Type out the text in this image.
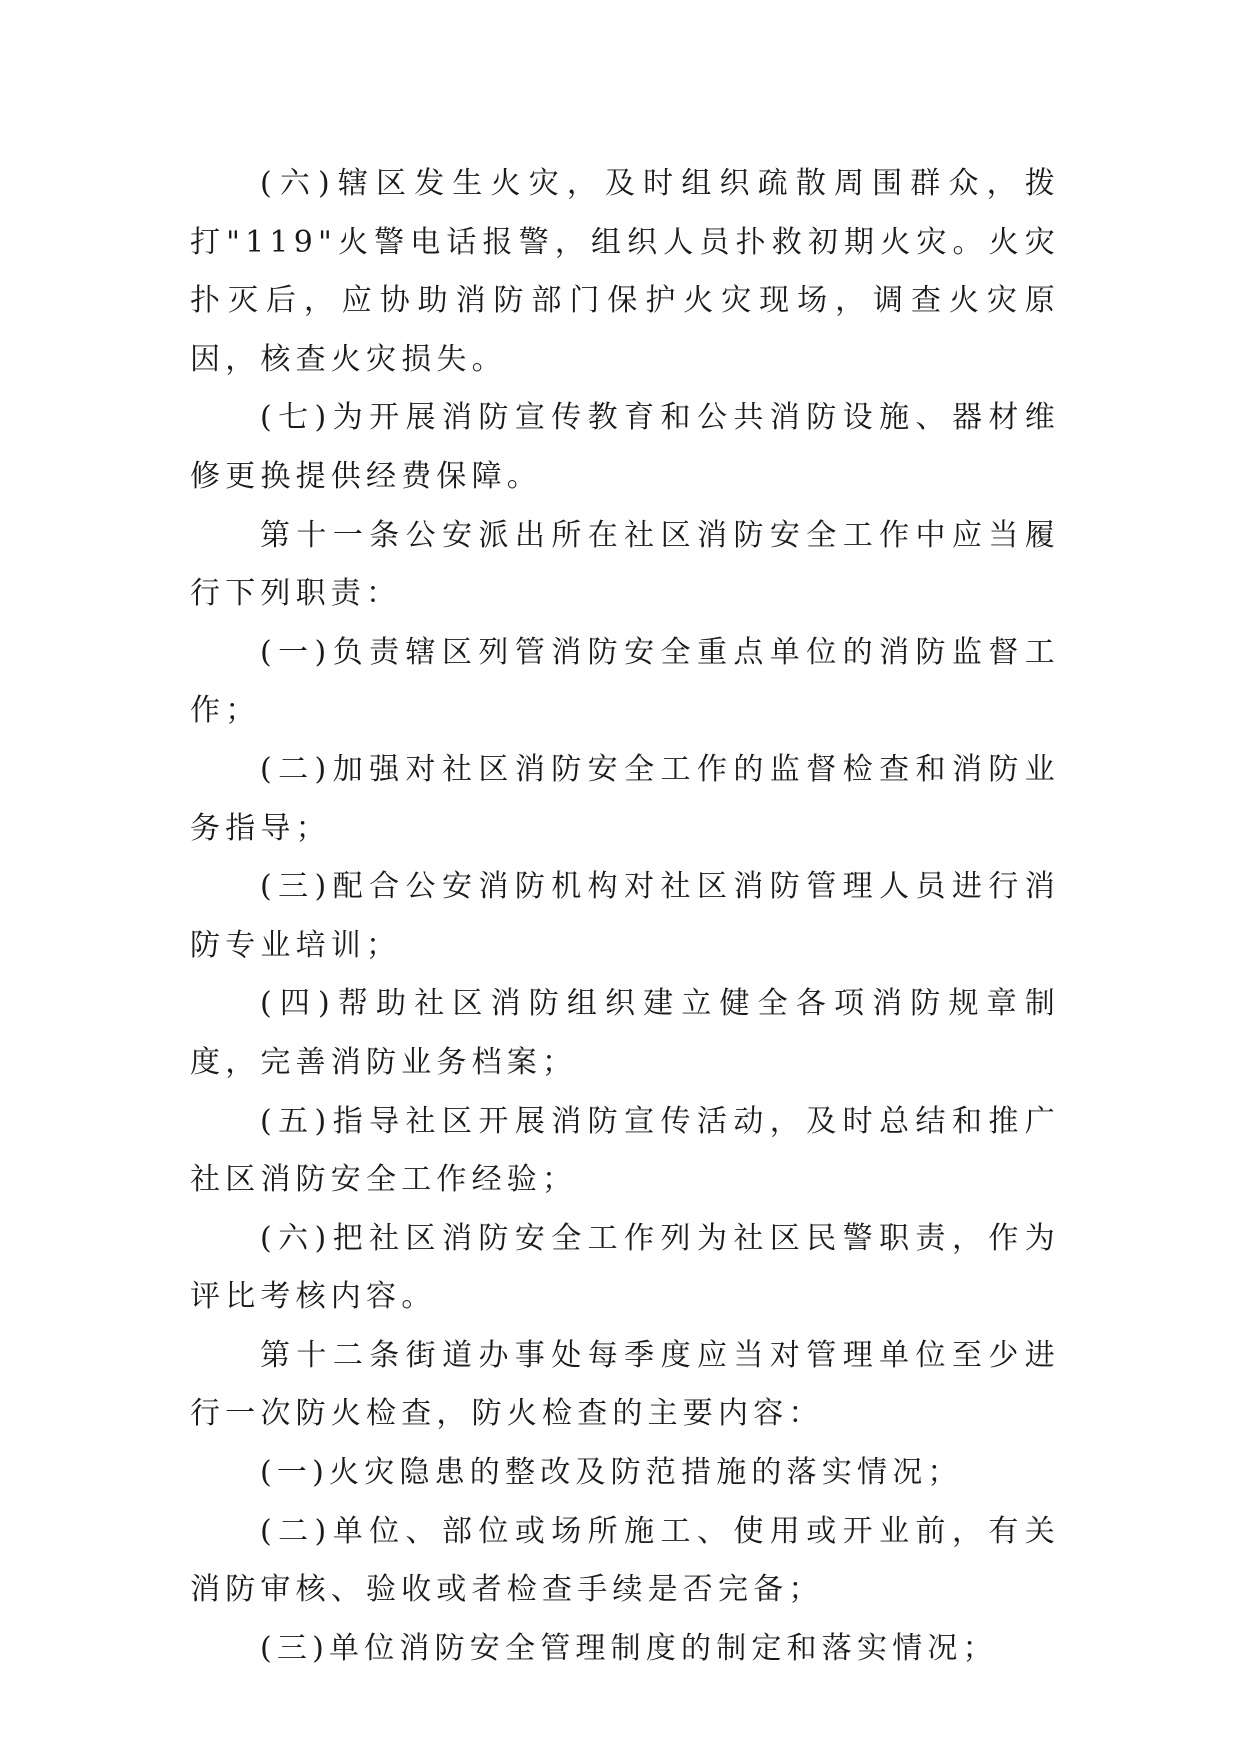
(六)辖区发生火灾，及时组织疏散周围群众，拨打"119"火警电话报警，组织人员扑救初期火灾。火灾扑灭后，应协助消防部门保护火灾现场，调查火灾原因，核查火灾损失。

(七)为开展消防宣传教育和公共消防设施、器材维修更换提供经费保障。

第十一条公安派出所在社区消防安全工作中应当履行下列职责：

(一)负责辖区列管消防安全重点单位的消防监督工作；

(二)加强对社区消防安全工作的监督检查和消防业务指导；

(三)配合公安消防机构对社区消防管理人员进行消防专业培训；

(四)帮助社区消防组织建立健全各项消防规章制度，完善消防业务档案；

(五)指导社区开展消防宣传活动，及时总结和推广社区消防安全工作经验；

(六)把社区消防安全工作列为社区民警职责，作为评比考核内容。

第十二条街道办事处每季度应当对管理单位至少进行一次防火检查，防火检查的主要内容：

(一)火灾隐患的整改及防范措施的落实情况；

(二)单位、部位或场所施工、使用或开业前，有关消防审核、验收或者检查手续是否完备；

(三)单位消防安全管理制度的制定和落实情况；
